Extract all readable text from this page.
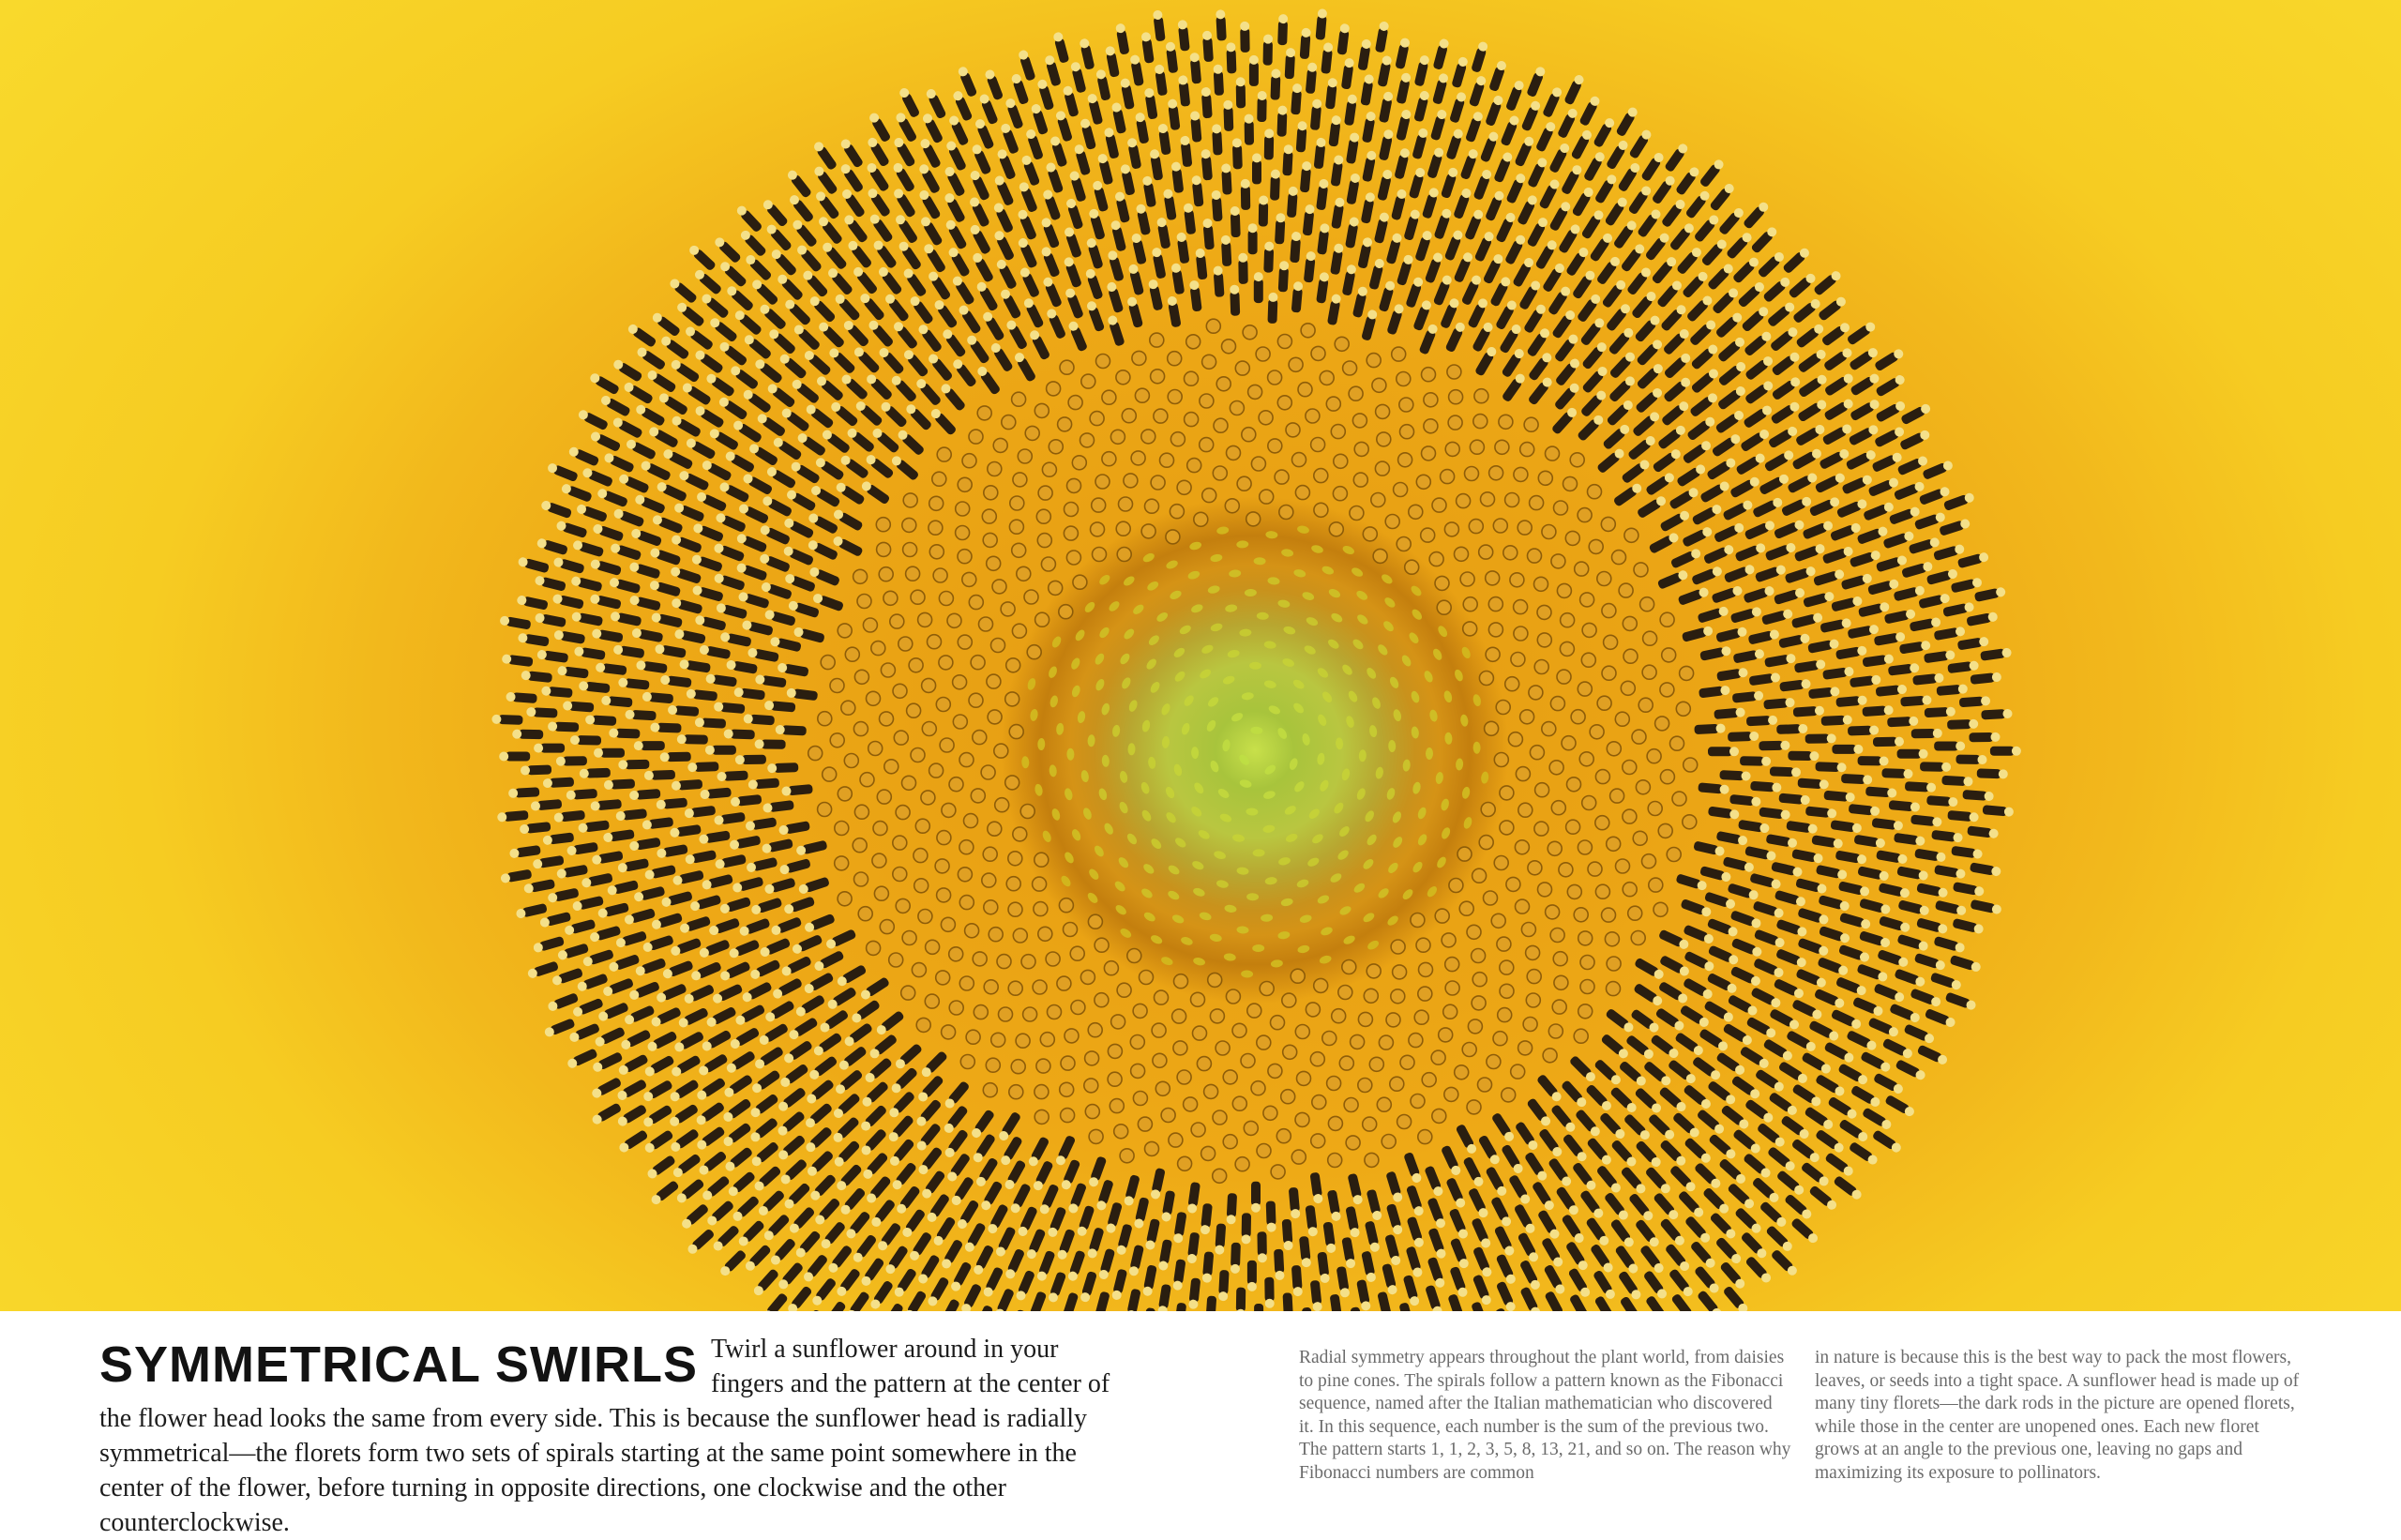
SYMMETRICAL SWIRLS Twirl a sunflower around in your fingers and the pattern at the center of the flower head looks the same from every side. This is because the sunflower head is radially symmetrical—the florets form two sets of spirals starting at the same point somewhere in the center of the flower, before turning in opposite directions, one clockwise and the other counterclockwise.
Radial symmetry appears throughout the plant world, from daisies to pine cones. The spirals follow a pattern known as the Fibonacci sequence, named after the Italian mathematician who discovered it. In this sequence, each number is the sum of the previous two. The pattern starts 1, 1, 2, 3, 5, 8, 13, 21, and so on. The reason why Fibonacci numbers are common
in nature is because this is the best way to pack the most flowers, leaves, or seeds into a tight space. A sunflower head is made up of many tiny florets—the dark rods in the picture are opened florets, while those in the center are unopened ones. Each new floret grows at an angle to the previous one, leaving no gaps and maximizing its exposure to pollinators.
